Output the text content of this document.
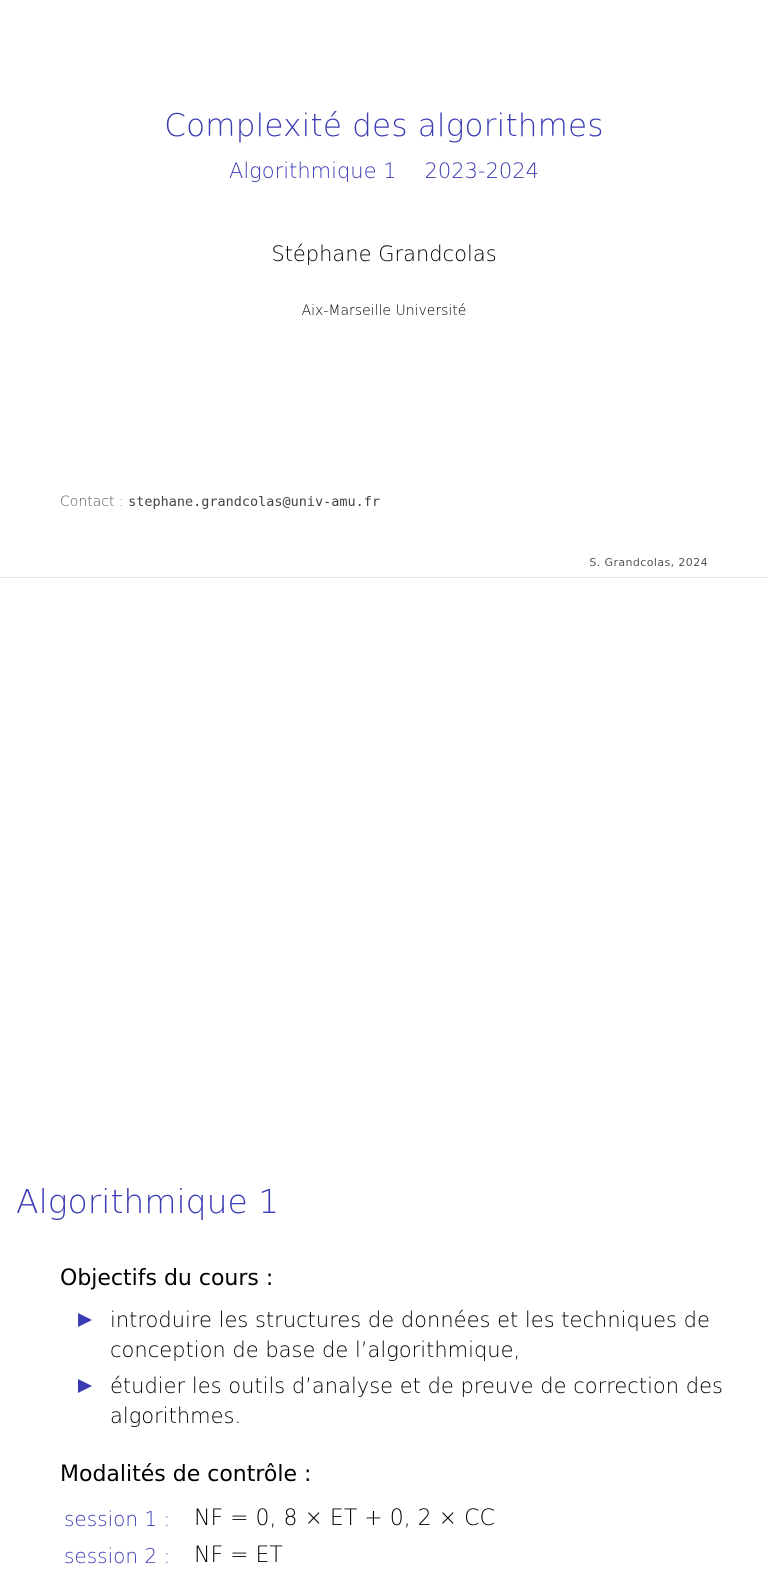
Complexité des algorithmes
Algorithmique 1 2023-2024
Stéphane Grandcolas
Aix-Marseille Université
Contact : stephane.grandcolas@univ-amu.fr
S. Grandcolas, 2024
Algorithmique 1
Objectifs du cours :
introduire les structures de données et les techniques de conception de base de l’algorithmique,
étudier les outils d’analyse et de preuve de correction des algorithmes.
Modalités de contrôle :
session 1 :	NF = 0, 8 × ET + 0, 2 × CC
session 2 :	NF = ET
